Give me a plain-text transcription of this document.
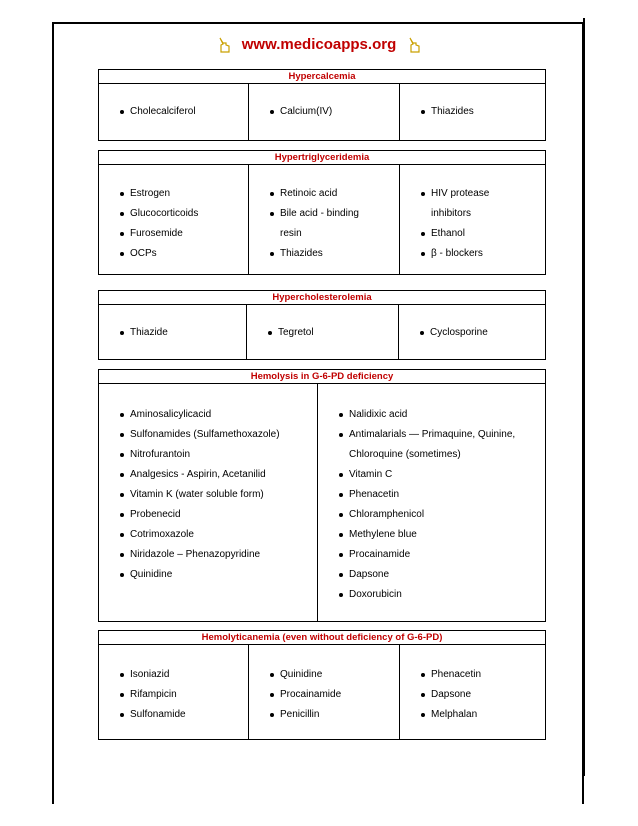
www.medicoapps.org
Hypercalcemia

Cholecalciferol	Calcium(IV)	Thiazides
Hypertriglyceridemia

Estrogen
Glucocorticoids
Furosemide
OCPs

Retinoic acid
Bile acid - binding
resin
Thiazides

HIV protease
inhibitors
Ethanol
β - blockers
Hypercholesterolemia

Thiazide	Tegretol	Cyclosporine
Hemolysis in G-6-PD deficiency

Aminosalicylicacid
Sulfonamides (Sulfamethoxazole)
Nitrofurantoin
Analgesics - Aspirin, Acetanilid
Vitamin K (water soluble form)
Probenecid
Cotrimoxazole
Niridazole – Phenazopyridine
Quinidine

Nalidixic acid
Antimalarials — Primaquine, Quinine,
Chloroquine (sometimes)
Vitamin C
Phenacetin
Chloramphenicol
Methylene blue
Procainamide
Dapsone
Doxorubicin
Hemolyticanemia (even without deficiency of G-6-PD)

Isoniazid
Rifampicin
Sulfonamide

Quinidine
Procainamide
Penicillin

Phenacetin
Dapsone
Melphalan
